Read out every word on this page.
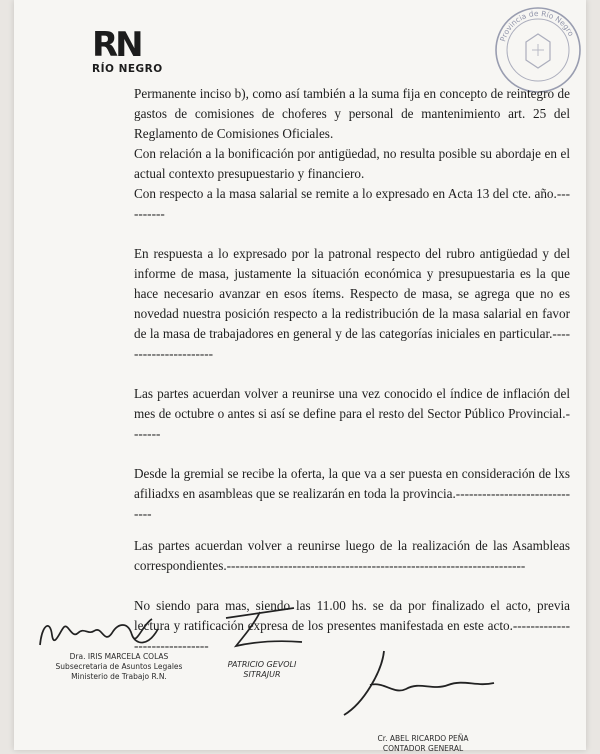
RN
RÍO NEGRO
Provincia de Río Negro

Permanente inciso b), como así también a la suma fija en concepto de reintegro de gastos de comisiones de choferes y personal de mantenimiento art. 25 del Reglamento de Comisiones Oficiales.

Con relación a la bonificación por antigüedad, no resulta posible su abordaje en el actual contexto presupuestario y financiero.

Con respecto a la masa salarial se remite a lo expresado en Acta 13 del cte. año.----------

En respuesta a lo expresado por la patronal respecto del rubro antigüedad y del informe de masa, justamente la situación económica y presupuestaria es la que hace necesario avanzar en esos ítems. Respecto de masa, se agrega que no es novedad nuestra posición respecto a la redistribución de la masa salarial en favor de la masa de trabajadores en general y de las categorías iniciales en particular.----------------------

Las partes acuerdan volver a reunirse una vez conocido el índice de inflación del mes de octubre o antes si así se define para el resto del Sector Público Provincial.-------

Desde la gremial se recibe la oferta, la que va a ser puesta en consideración de lxs afiliadxs en asambleas que se realizarán en toda la provincia.------------------------------

Las partes acuerdan volver a reunirse luego de la realización de las Asambleas correspondientes.--------------------------------------------------------------------

No siendo para mas, siendo las 11.00 hs. se da por finalizado el acto, previa lectura y ratificación expresa de los presentes manifestada en este acto.------------------------------

Dra. IRIS MARCELA COLAS
Subsecretaria de Asuntos Legales
Ministerio de Trabajo R.N.
PATRICIO GEVOLI
SITRAJUR
Cr. ABEL RICARDO PEÑA
CONTADOR GENERAL
